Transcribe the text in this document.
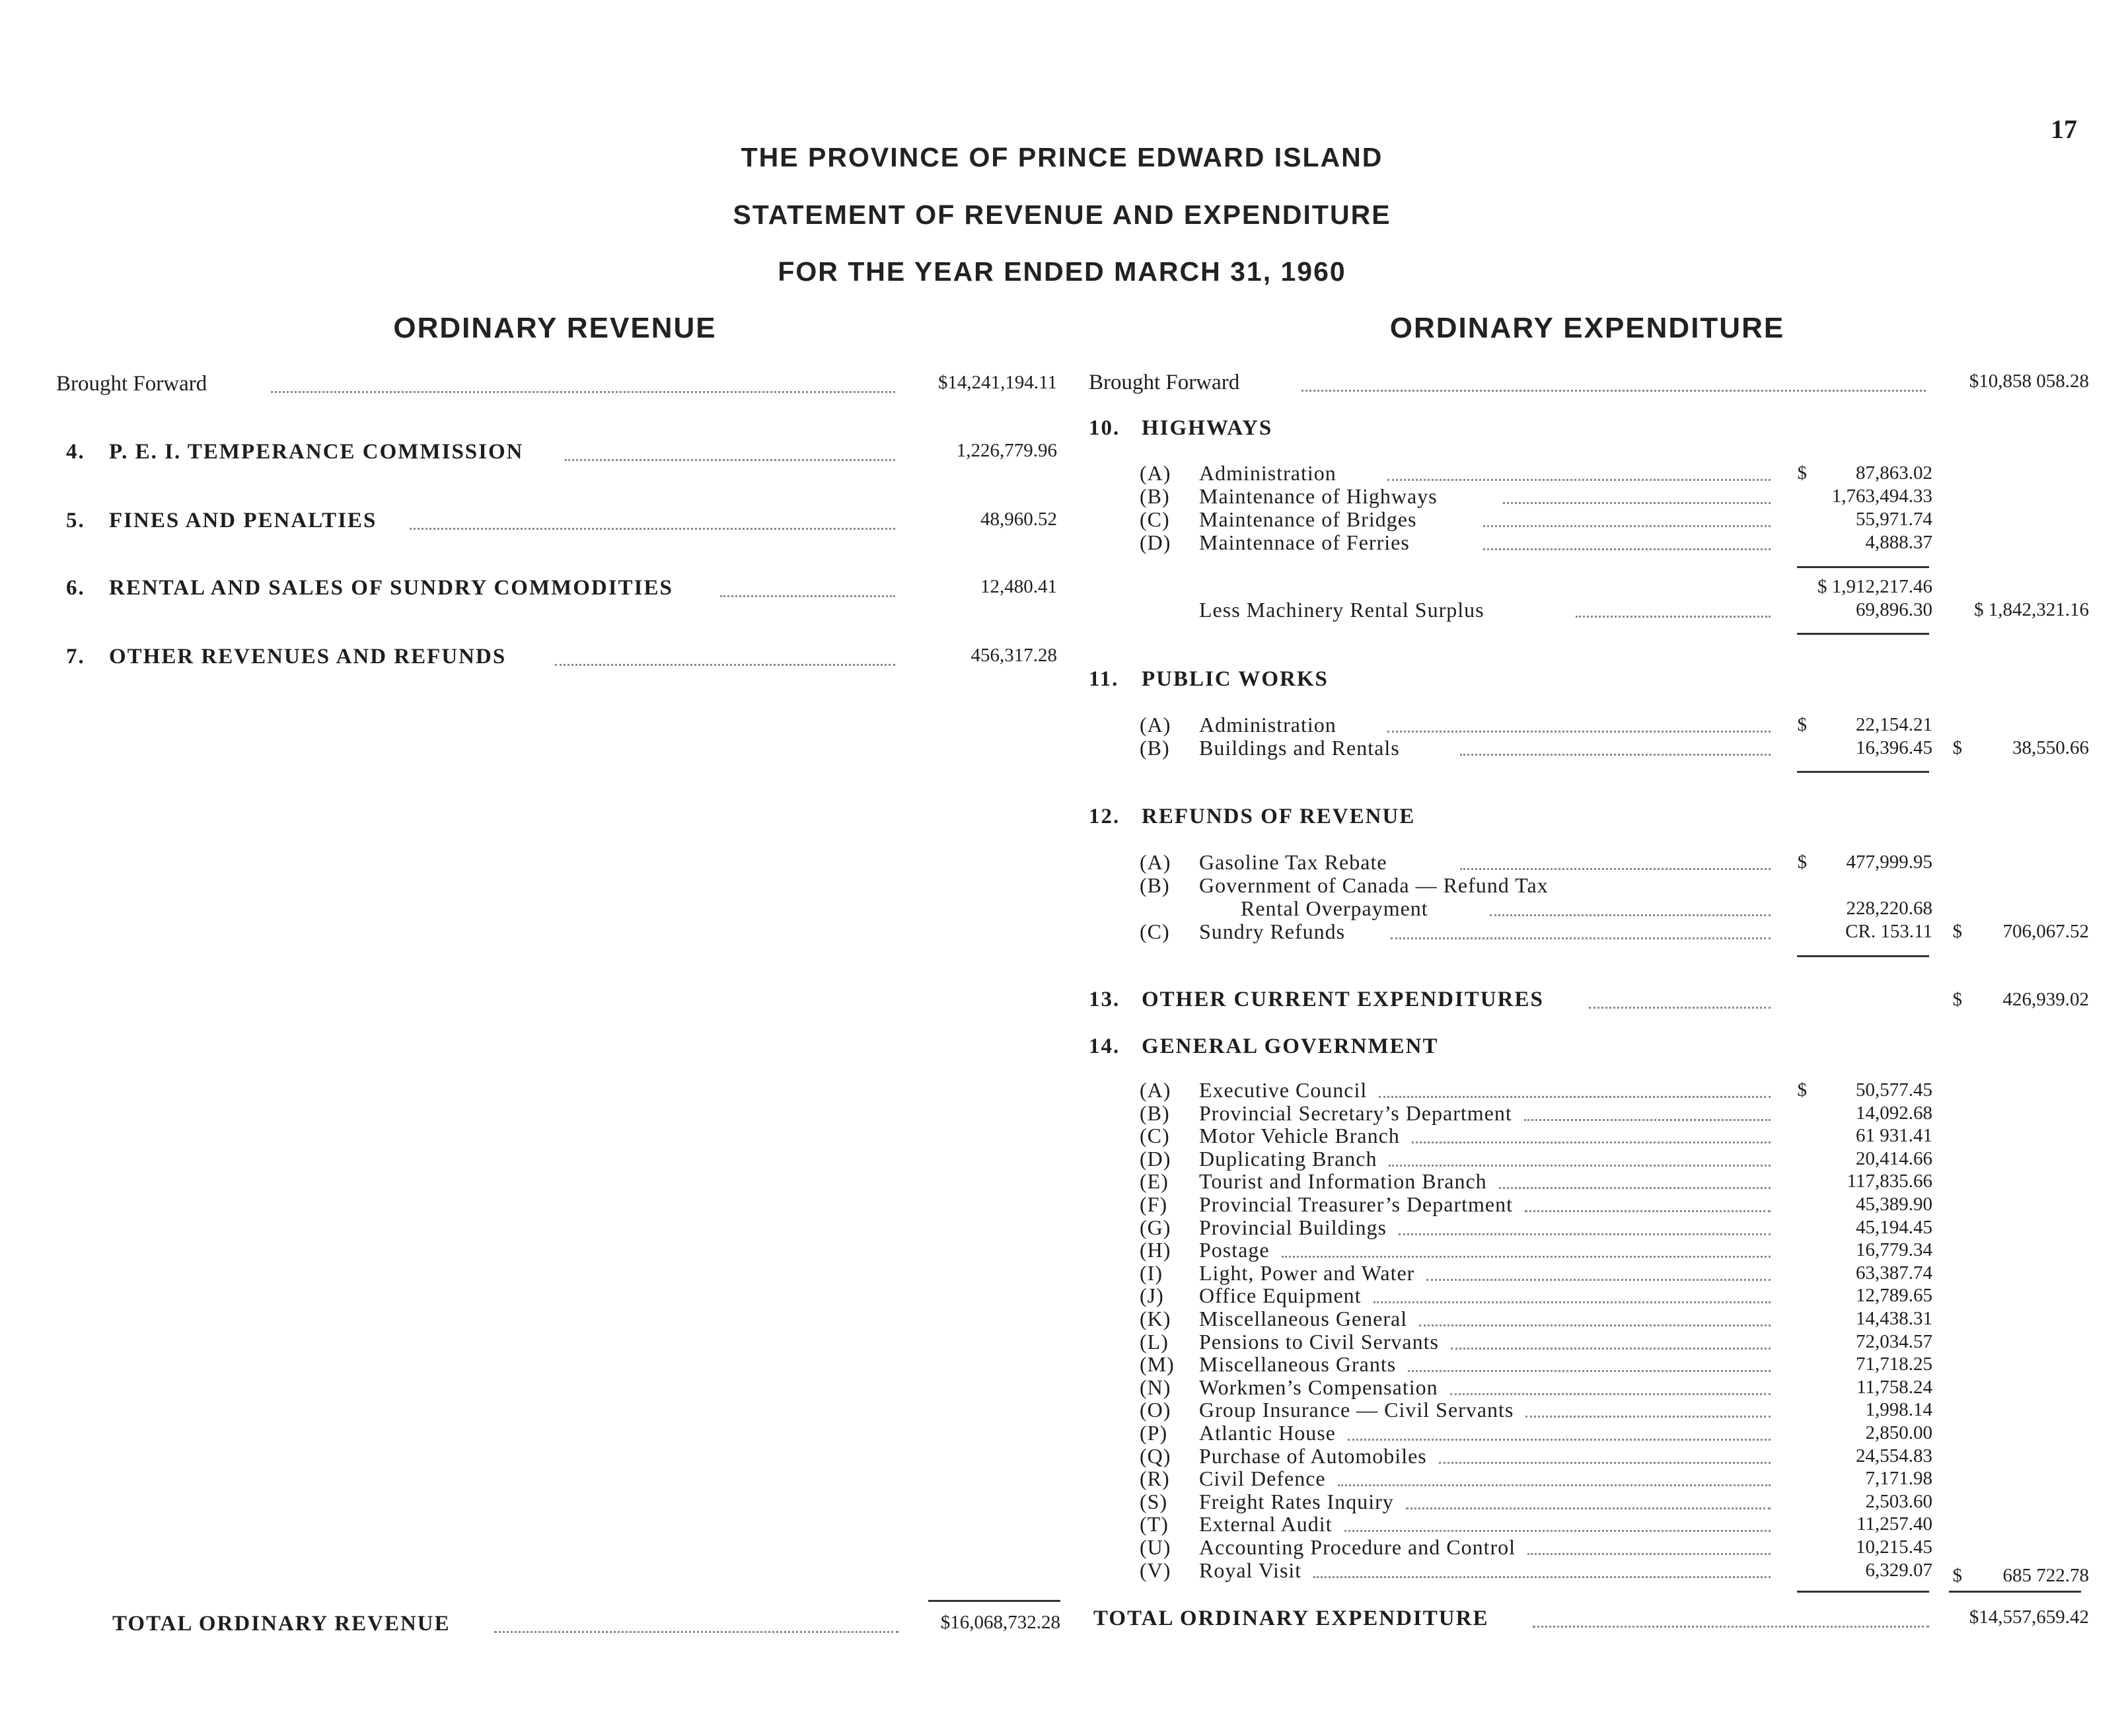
17
THE PROVINCE OF PRINCE EDWARD ISLAND
STATEMENT OF REVENUE AND EXPENDITURE
FOR THE YEAR ENDED MARCH 31, 1960
ORDINARY REVENUE	ORDINARY EXPENDITURE
Brought Forward	$14,241,194.11
4. P. E. I. TEMPERANCE COMMISSION	1,226,779.96
5. FINES AND PENALTIES	48,960.52
6. RENTAL AND SALES OF SUNDRY COMMODITIES	12,480.41
7. OTHER REVENUES AND REFUNDS	456,317.28
TOTAL ORDINARY REVENUE	$16,068,732.28
Brought Forward	$10,858 058.28
10. HIGHWAYS
(A) Administration	$	87,863.02
(B) Maintenance of Highways	1,763,494.33
(C) Maintenance of Bridges	55,971.74
(D) Maintennace of Ferries	4,888.37
$ 1,912,217.46
Less Machinery Rental Surplus	69,896.30	$ 1,842,321.16
11. PUBLIC WORKS
(A) Administration	$	22,154.21
(B) Buildings and Rentals	16,396.45	$	38,550.66
12. REFUNDS OF REVENUE
(A) Gasoline Tax Rebate	$	477,999.95
(B) Government of Canada — Refund Tax
Rental Overpayment	228,220.68
(C) Sundry Refunds	CR. 153.11	$	706,067.52
13. OTHER CURRENT EXPENDITURES	$	426,939.02
14. GENERAL GOVERNMENT
(A) Executive Council	50,577.45
(B) Provincial Secretary’s Department	14,092.68
(C) Motor Vehicle Branch	61 931.41
(D) Duplicating Branch	20,414.66
(E) Tourist and Information Branch	117,835.66
(F) Provincial Treasurer’s Department	45,389.90
(G) Provincial Buildings	45,194.45
(H) Postage	16,779.34
(I) Light, Power and Water	63,387.74
(J) Office Equipment	12,789.65
(K) Miscellaneous General	14,438.31
(L) Pensions to Civil Servants	72,034.57
(M) Miscellaneous Grants	71,718.25
(N) Workmen’s Compensation	11,758.24
(O) Group Insurance — Civil Servants	1,998.14
(P) Atlantic House	2,850.00
(Q) Purchase of Automobiles	24,554.83
(R) Civil Defence	7,171.98
(S) Freight Rates Inquiry	2,503.60
(T) External Audit	11,257.40
(U) Accounting Procedure and Control	10,215.45
(V) Royal Visit	6,329.07
$
$	685 722.78
TOTAL ORDINARY EXPENDITURE	$14,557,659.42
